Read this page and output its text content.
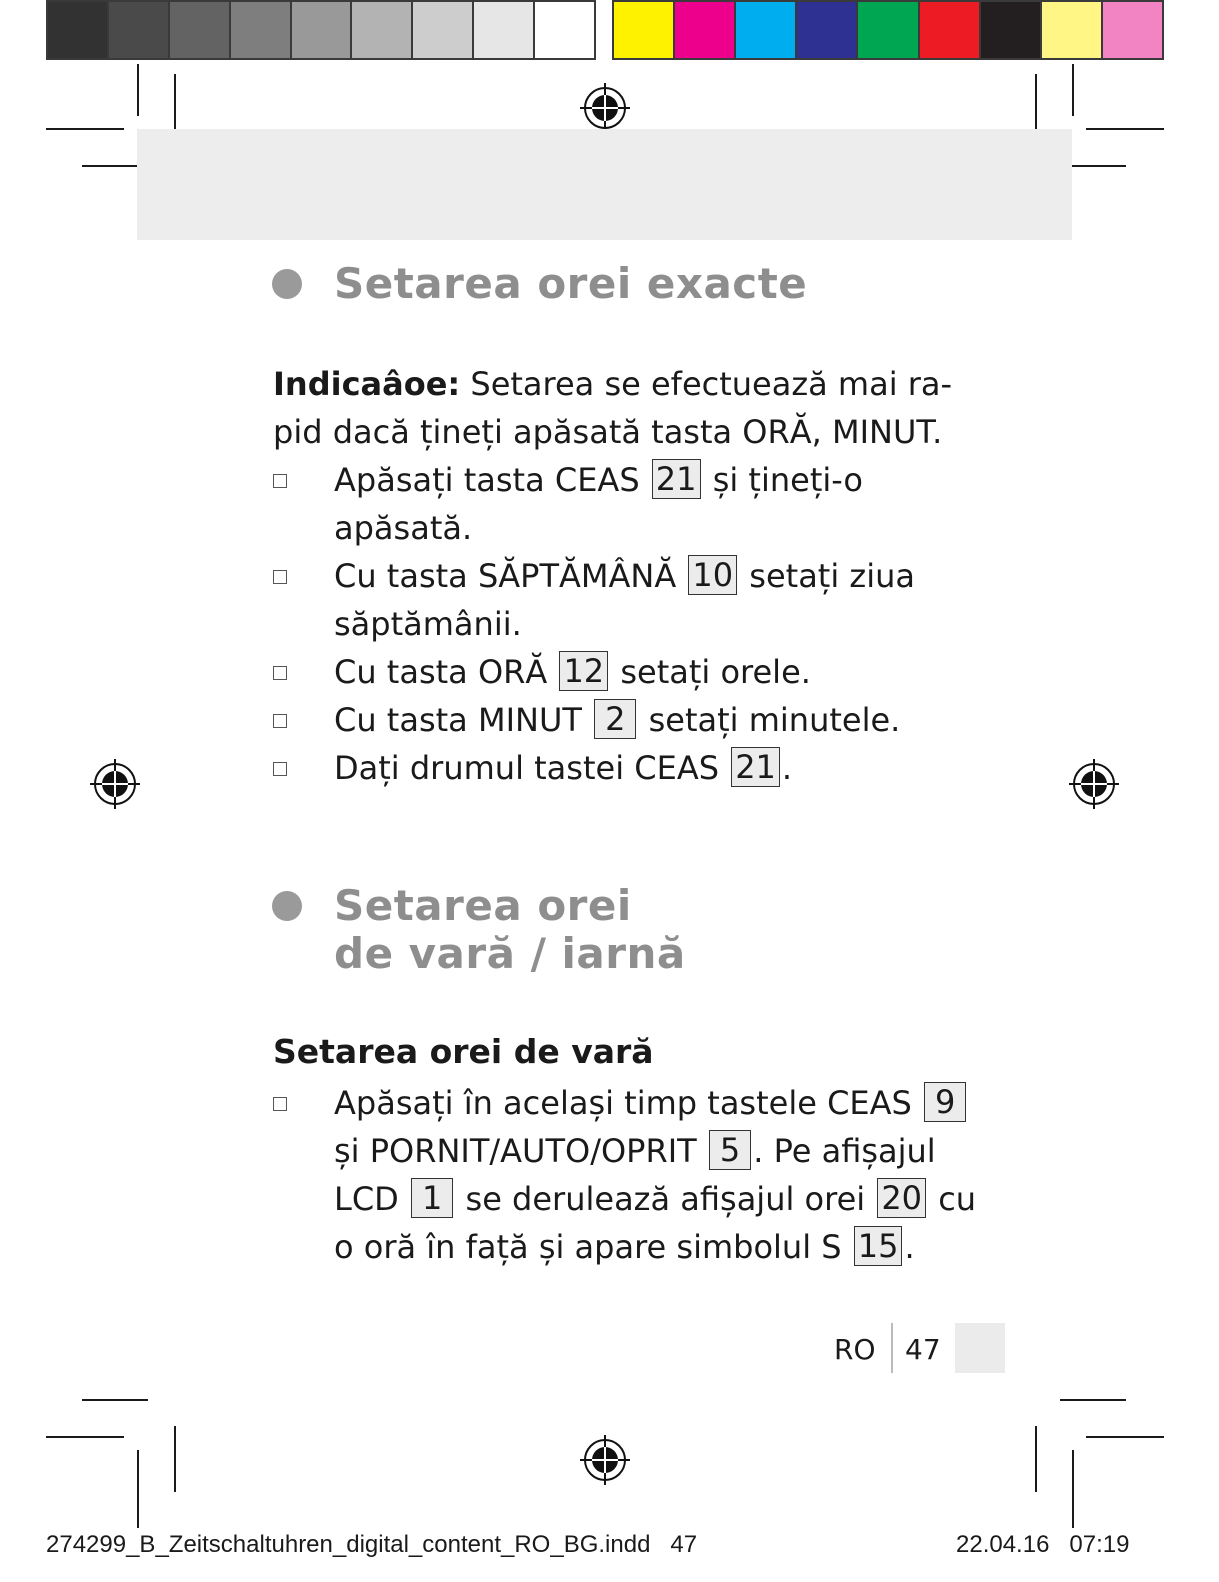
Setarea orei exacte
Indicaâoe: Setarea se efectuează mai ra-
pid dacă țineți apăsată tasta ORĂ, MINUT.
Apăsați tasta CEAS 21 și țineți-o
apăsată.
Cu tasta SĂPTĂMÂNĂ 10 setați ziua
săptămânii.
Cu tasta ORĂ 12 setați orele.
Cu tasta MINUT 2 setați minutele.
Dați drumul tastei CEAS 21 .
Setarea orei
de vară / iarnă
Setarea orei de vară
Apăsați în același timp tastele CEAS 9
și PORNIT/AUTO/OPRIT 5 . Pe afișajul
LCD 1 se derulează afișajul orei 20 cu
o oră în față și apare simbolul S 15 .
RO 47
274299_B_Zeitschaltuhren_digital_content_RO_BG.indd   47	22.04.16   07:19
